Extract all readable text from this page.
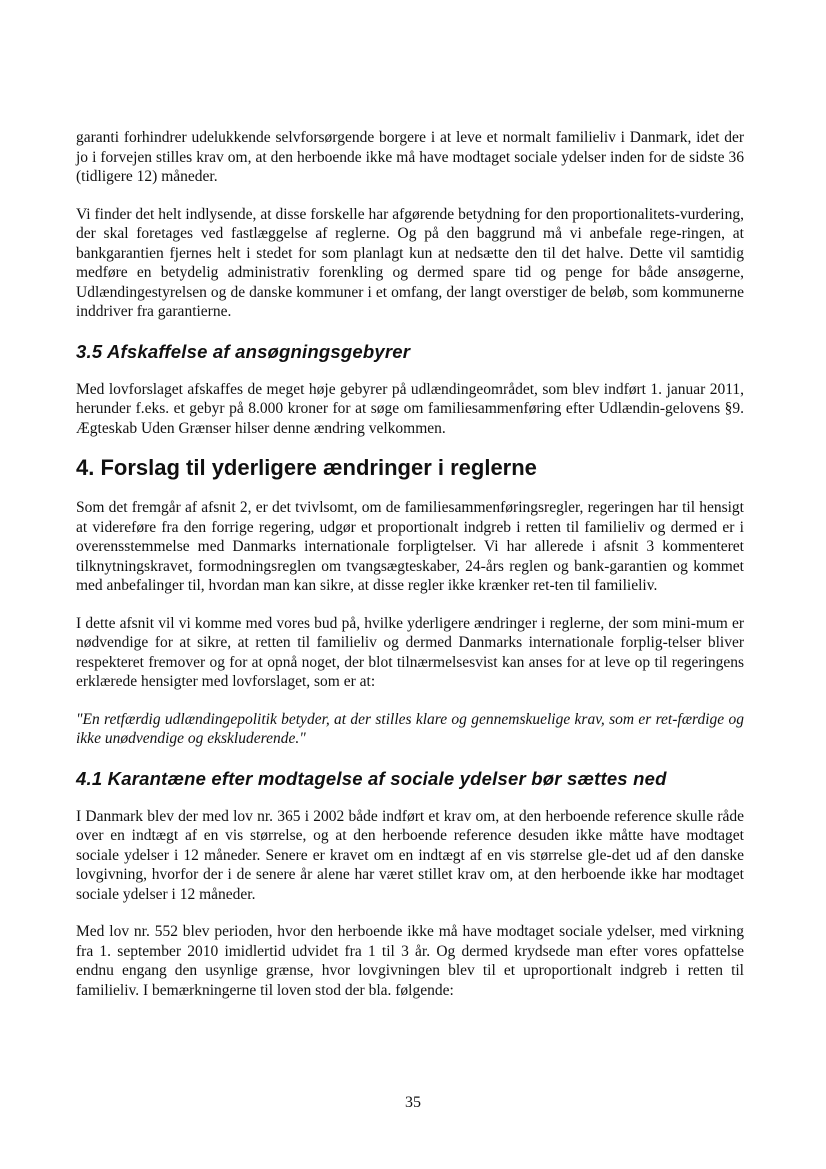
garanti forhindrer udelukkende selvforsørgende borgere i at leve et normalt familieliv i Danmark, idet der jo i forvejen stilles krav om, at den herboende ikke må have modtaget sociale ydelser inden for de sidste 36 (tidligere 12) måneder.

Vi finder det helt indlysende, at disse forskelle har afgørende betydning for den proportionalitets-vurdering, der skal foretages ved fastlæggelse af reglerne. Og på den baggrund må vi anbefale rege-ringen, at bankgarantien fjernes helt i stedet for som planlagt kun at nedsætte den til det halve. Dette vil samtidig medføre en betydelig administrativ forenkling og dermed spare tid og penge for både ansøgerne, Udlændingestyrelsen og de danske kommuner i et omfang, der langt overstiger de beløb, som kommunerne inddriver fra garantierne.

3.5 Afskaffelse af ansøgningsgebyrer

Med lovforslaget afskaffes de meget høje gebyrer på udlændingeområdet, som blev indført 1. januar 2011, herunder f.eks. et gebyr på 8.000 kroner for at søge om familiesammenføring efter Udlændin-gelovens §9. Ægteskab Uden Grænser hilser denne ændring velkommen.

4. Forslag til yderligere ændringer i reglerne

Som det fremgår af afsnit 2, er det tvivlsomt, om de familiesammenføringsregler, regeringen har til hensigt at videreføre fra den forrige regering, udgør et proportionalt indgreb i retten til familieliv og dermed er i overensstemmelse med Danmarks internationale forpligtelser. Vi har allerede i afsnit 3 kommenteret tilknytningskravet, formodningsreglen om tvangsægteskaber, 24-års reglen og bank-garantien og kommet med anbefalinger til, hvordan man kan sikre, at disse regler ikke krænker ret-ten til familieliv.

I dette afsnit vil vi komme med vores bud på, hvilke yderligere ændringer i reglerne, der som mini-mum er nødvendige for at sikre, at retten til familieliv og dermed Danmarks internationale forplig-telser bliver respekteret fremover og for at opnå noget, der blot tilnærmelsesvist kan anses for at leve op til regeringens erklærede hensigter med lovforslaget, som er at:

"En retfærdig udlændingepolitik betyder, at der stilles klare og gennemskuelige krav, som er ret-færdige og ikke unødvendige og ekskluderende."

4.1 Karantæne efter modtagelse af sociale ydelser bør sættes ned

I Danmark blev der med lov nr. 365 i 2002 både indført et krav om, at den herboende reference skulle råde over en indtægt af en vis størrelse, og at den herboende reference desuden ikke måtte have modtaget sociale ydelser i 12 måneder. Senere er kravet om en indtægt af en vis størrelse gle-det ud af den danske lovgivning, hvorfor der i de senere år alene har været stillet krav om, at den herboende ikke har modtaget sociale ydelser i 12 måneder.

Med lov nr. 552 blev perioden, hvor den herboende ikke må have modtaget sociale ydelser, med virkning fra 1. september 2010 imidlertid udvidet fra 1 til 3 år. Og dermed krydsede man efter vores opfattelse endnu engang den usynlige grænse, hvor lovgivningen blev til et uproportionalt indgreb i retten til familieliv. I bemærkningerne til loven stod der bla. følgende:

35
